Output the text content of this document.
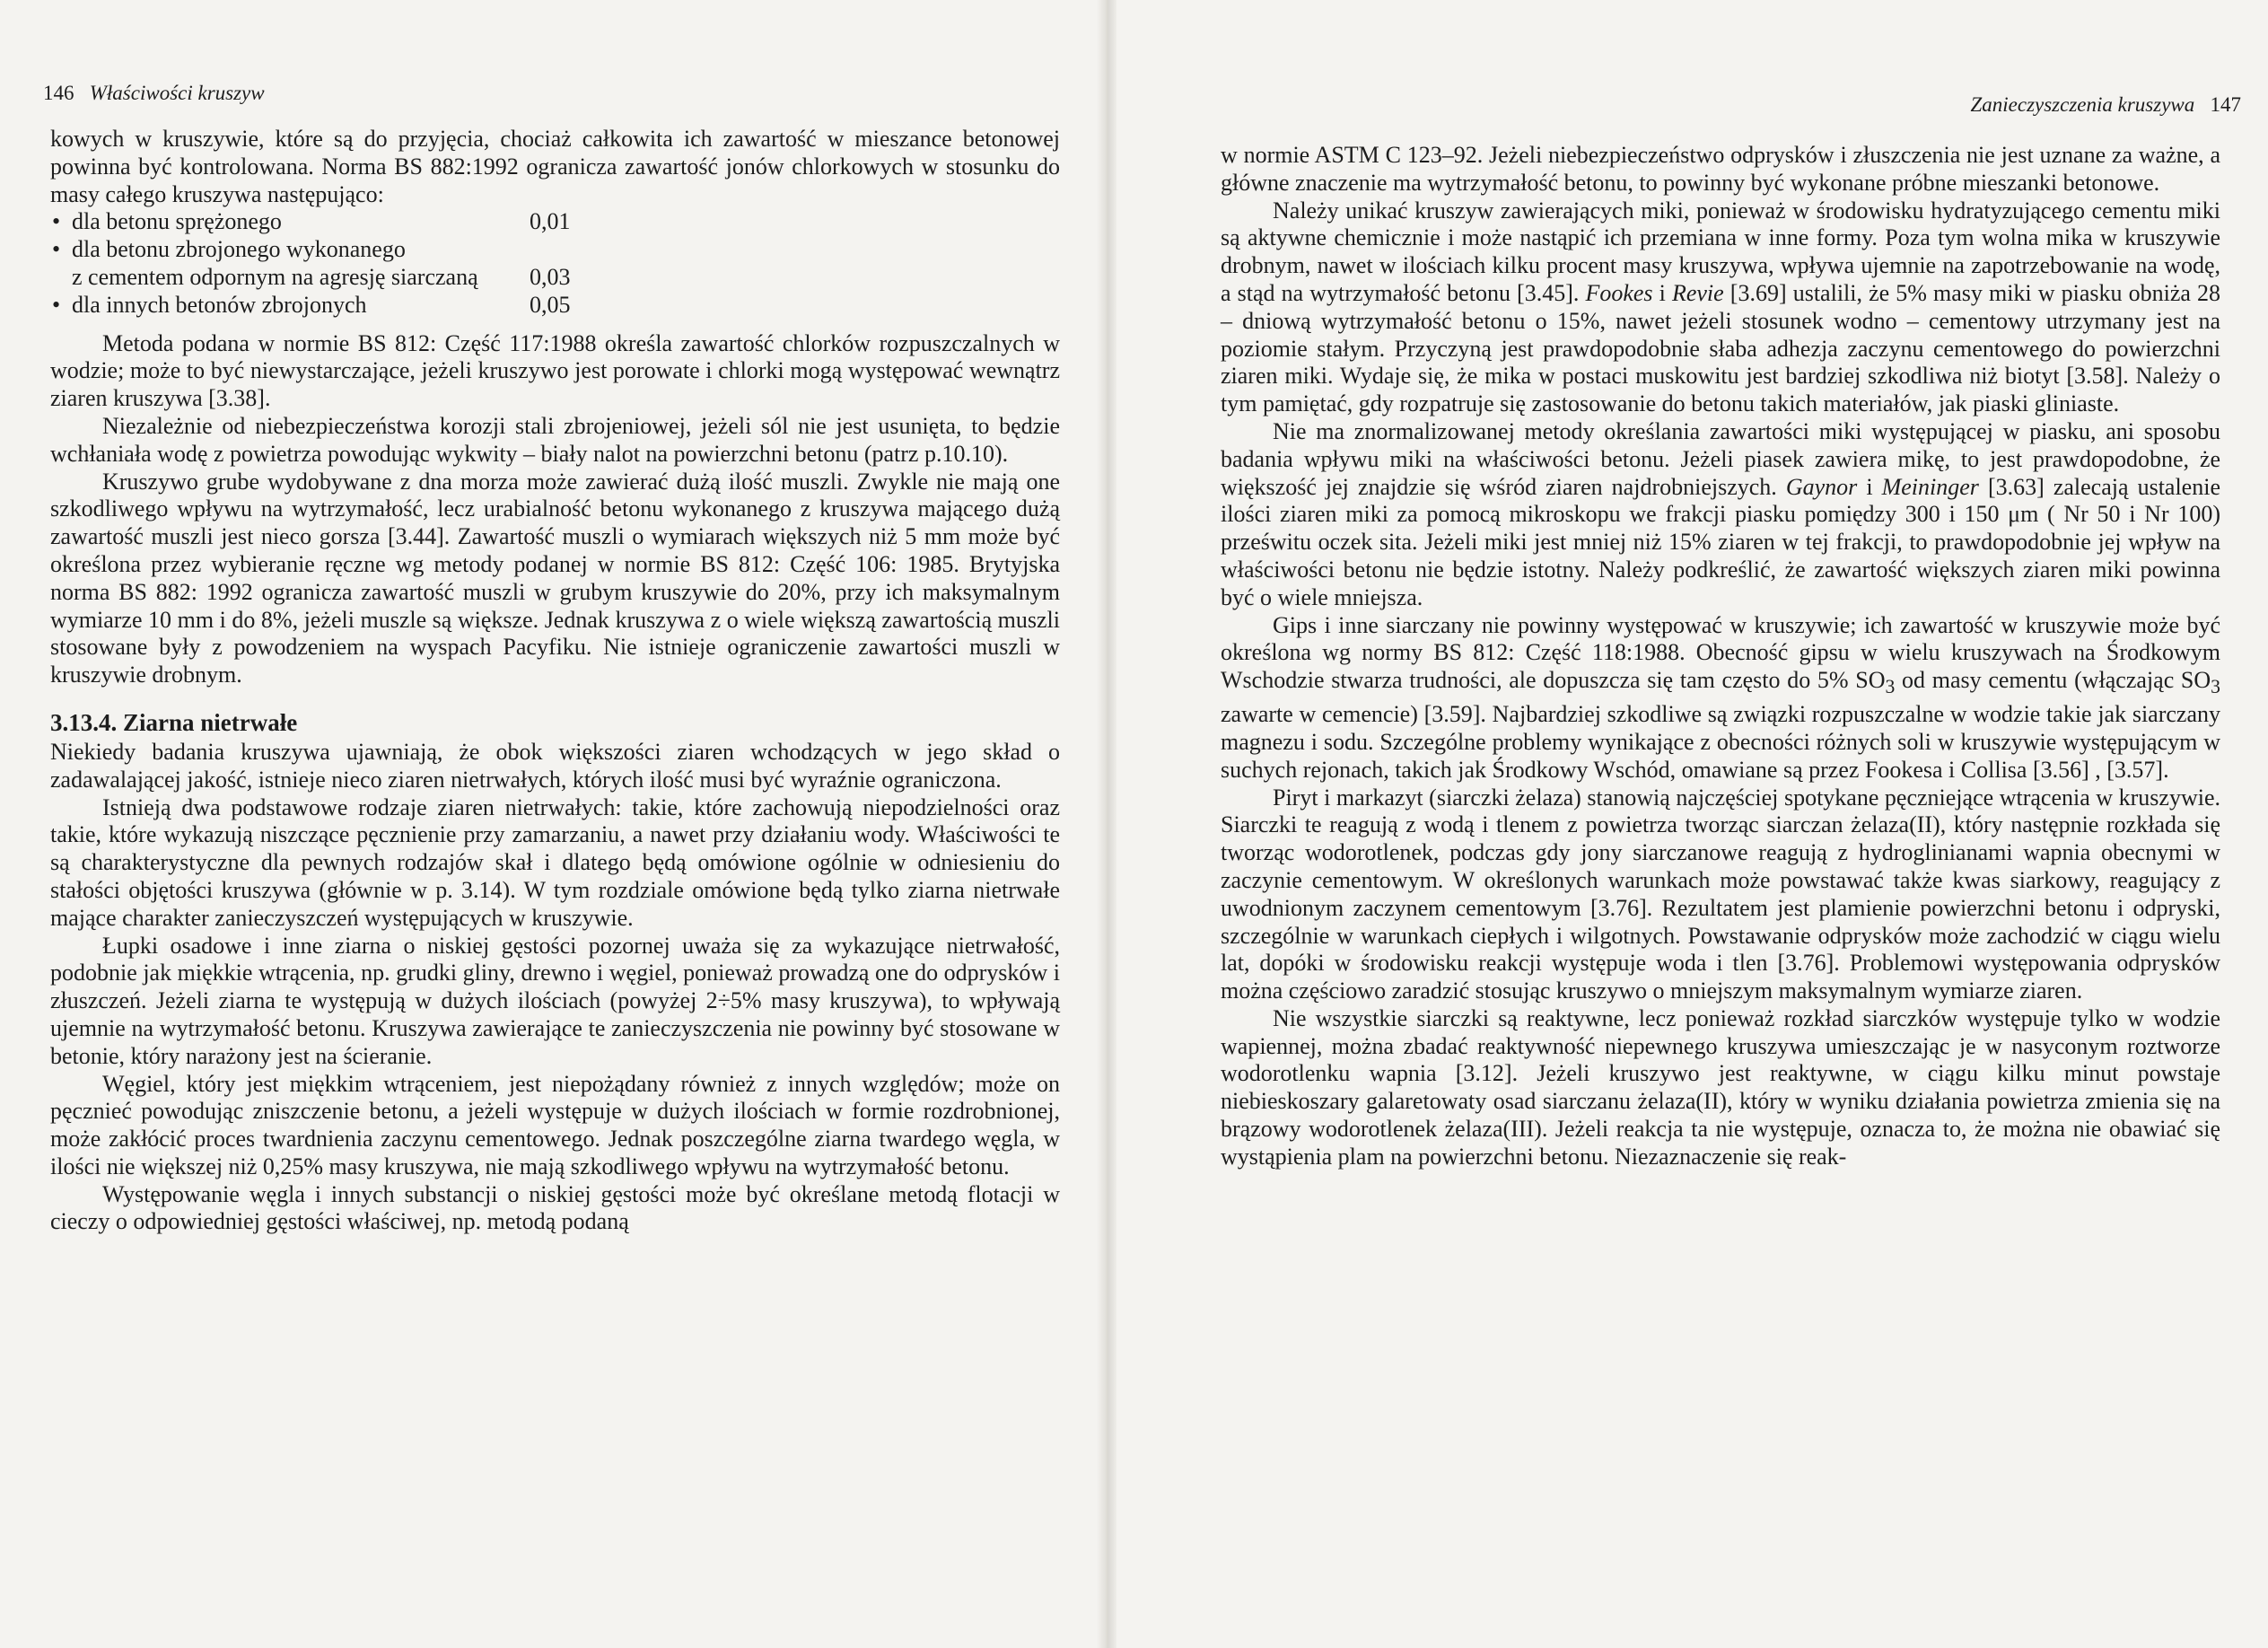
146 Właściwości kruszyw

kowych w kruszywie, które są do przyjęcia, chociaż całkowita ich zawartość w mieszance betonowej powinna być kontrolowana. Norma BS 882:1992 ogranicza zawartość jonów chlorkowych w stosunku do masy całego kruszywa następująco:

• dla betonu sprężonego	0,01
• dla betonu zbrojonego wykonanego
z cementem odpornym na agresję siarczaną 0,03
• dla innych betonów zbrojonych	0,05

Metoda podana w normie BS 812: Część 117:1988 określa zawartość chlorków rozpuszczalnych w wodzie; może to być niewystarczające, jeżeli kruszywo jest porowate i chlorki mogą występować wewnątrz ziaren kruszywa [3.38].

Niezależnie od niebezpieczeństwa korozji stali zbrojeniowej, jeżeli sól nie jest usunięta, to będzie wchłaniała wodę z powietrza powodując wykwity – biały nalot na powierzchni betonu (patrz p.10.10).

Kruszywo grube wydobywane z dna morza może zawierać dużą ilość muszli. Zwykle nie mają one szkodliwego wpływu na wytrzymałość, lecz urabialność betonu wykonanego z kruszywa mającego dużą zawartość muszli jest nieco gorsza [3.44]. Zawartość muszli o wymiarach większych niż 5 mm może być określona przez wybieranie ręczne wg metody podanej w normie BS 812: Część 106: 1985. Brytyjska norma BS 882: 1992 ogranicza zawartość muszli w grubym kruszywie do 20%, przy ich maksymalnym wymiarze 10 mm i do 8%, jeżeli muszle są większe. Jednak kruszywa z o wiele większą zawartością muszli stosowane były z powodzeniem na wyspach Pacyfiku. Nie istnieje ograniczenie zawartości muszli w kruszywie drobnym.

3.13.4. Ziarna nietrwałe

Niekiedy badania kruszywa ujawniają, że obok większości ziaren wchodzących w jego skład o zadawalającej jakość, istnieje nieco ziaren nietrwałych, których ilość musi być wyraźnie ograniczona.

Istnieją dwa podstawowe rodzaje ziaren nietrwałych: takie, które zachowują niepodzielności oraz takie, które wykazują niszczące pęcznienie przy zamarzaniu, a nawet przy działaniu wody. Właściwości te są charakterystyczne dla pewnych rodzajów skał i dlatego będą omówione ogólnie w odniesieniu do stałości objętości kruszywa (głównie w p. 3.14). W tym rozdziale omówione będą tylko ziarna nietrwałe mające charakter zanieczyszczeń występujących w kruszywie.

Łupki osadowe i inne ziarna o niskiej gęstości pozornej uważa się za wykazujące nietrwałość, podobnie jak miękkie wtrącenia, np. grudki gliny, drewno i węgiel, ponieważ prowadzą one do odprysków i złuszczeń. Jeżeli ziarna te występują w dużych ilościach (powyżej 2÷5% masy kruszywa), to wpływają ujemnie na wytrzymałość betonu. Kruszywa zawierające te zanieczyszczenia nie powinny być stosowane w betonie, który narażony jest na ścieranie.

Węgiel, który jest miękkim wtrąceniem, jest niepożądany również z innych względów; może on pęcznieć powodując zniszczenie betonu, a jeżeli występuje w dużych ilościach w formie rozdrobnionej, może zakłócić proces twardnienia zaczynu cementowego. Jednak poszczególne ziarna twardego węgla, w ilości nie większej niż 0,25% masy kruszywa, nie mają szkodliwego wpływu na wytrzymałość betonu.

Występowanie węgla i innych substancji o niskiej gęstości może być określane metodą flotacji w cieczy o odpowiedniej gęstości właściwej, np. metodą podaną

Zanieczyszczenia kruszywa 147

w normie ASTM C 123–92. Jeżeli niebezpieczeństwo odprysków i złuszczenia nie jest uznane za ważne, a główne znaczenie ma wytrzymałość betonu, to powinny być wykonane próbne mieszanki betonowe.

Należy unikać kruszyw zawierających miki, ponieważ w środowisku hydratyzującego cementu miki są aktywne chemicznie i może nastąpić ich przemiana w inne formy. Poza tym wolna mika w kruszywie drobnym, nawet w ilościach kilku procent masy kruszywa, wpływa ujemnie na zapotrzebowanie na wodę, a stąd na wytrzymałość betonu [3.45]. Fookes i Revie [3.69] ustalili, że 5% masy miki w piasku obniża 28 – dniową wytrzymałość betonu o 15%, nawet jeżeli stosunek wodno – cementowy utrzymany jest na poziomie stałym. Przyczyną jest prawdopodobnie słaba adhezja zaczynu cementowego do powierzchni ziaren miki. Wydaje się, że mika w postaci muskowitu jest bardziej szkodliwa niż biotyt [3.58]. Należy o tym pamiętać, gdy rozpatruje się zastosowanie do betonu takich materiałów, jak piaski gliniaste.

Nie ma znormalizowanej metody określania zawartości miki występującej w piasku, ani sposobu badania wpływu miki na właściwości betonu. Jeżeli piasek zawiera mikę, to jest prawdopodobne, że większość jej znajdzie się wśród ziaren najdrobniejszych. Gaynor i Meininger [3.63] zalecają ustalenie ilości ziaren miki za pomocą mikroskopu we frakcji piasku pomiędzy 300 i 150 μm ( Nr 50 i Nr 100) prześwitu oczek sita. Jeżeli miki jest mniej niż 15% ziaren w tej frakcji, to prawdopodobnie jej wpływ na właściwości betonu nie będzie istotny. Należy podkreślić, że zawartość większych ziaren miki powinna być o wiele mniejsza.

Gips i inne siarczany nie powinny występować w kruszywie; ich zawartość w kruszywie może być określona wg normy BS 812: Część 118:1988. Obecność gipsu w wielu kruszywach na Środkowym Wschodzie stwarza trudności, ale dopuszcza się tam często do 5% $SO_3$ od masy cementu (włączając $SO_3$ zawarte w cemencie) [3.59]. Najbardziej szkodliwe są związki rozpuszczalne w wodzie takie jak siarczany magnezu i sodu. Szczególne problemy wynikające z obecności różnych soli w kruszywie występującym w suchych rejonach, takich jak Środkowy Wschód, omawiane są przez Fookesa i Collisa [3.56] , [3.57].

Piryt i markazyt (siarczki żelaza) stanowią najczęściej spotykane pęczniejące wtrącenia w kruszywie. Siarczki te reagują z wodą i tlenem z powietrza tworząc siarczan żelaza(II), który następnie rozkłada się tworząc wodorotlenek, podczas gdy jony siarczanowe reagują z hydroglinianami wapnia obecnymi w zaczynie cementowym. W określonych warunkach może powstawać także kwas siarkowy, reagujący z uwodnionym zaczynem cementowym [3.76]. Rezultatem jest plamienie powierzchni betonu i odpryski, szczególnie w warunkach ciepłych i wilgotnych. Powstawanie odprysków może zachodzić w ciągu wielu lat, dopóki w środowisku reakcji występuje woda i tlen [3.76]. Problemowi występowania odprysków można częściowo zaradzić stosując kruszywo o mniejszym maksymalnym wymiarze ziaren.

Nie wszystkie siarczki są reaktywne, lecz ponieważ rozkład siarczków występuje tylko w wodzie wapiennej, można zbadać reaktywność niepewnego kruszywa umieszczając je w nasyconym roztworze wodorotlenku wapnia [3.12]. Jeżeli kruszywo jest reaktywne, w ciągu kilku minut powstaje niebieskoszary galaretowaty osad siarczanu żelaza(II), który w wyniku działania powietrza zmienia się na brązowy wodorotlenek żelaza(III). Jeżeli reakcja ta nie występuje, oznacza to, że można nie obawiać się wystąpienia plam na powierzchni betonu. Niezaznaczenie się reak-
